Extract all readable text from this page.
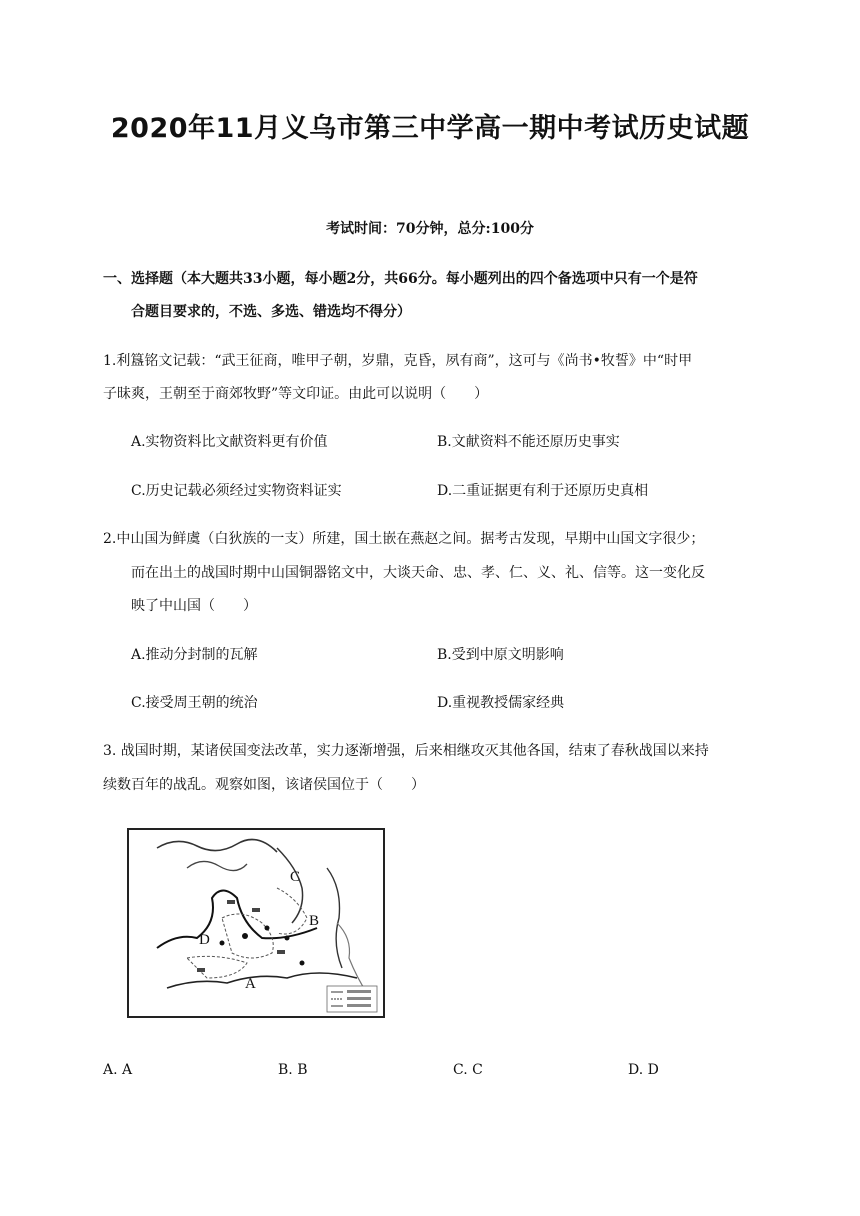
2020年11月义乌市第三中学高一期中考试历史试题
考试时间：70分钟，总分:100分
一、选择题（本大题共33小题，每小题2分，共66分。每小题列出的四个备选项中只有一个是符
合题目要求的，不选、多选、错选均不得分）
1.利簋铭文记载：“武王征商，唯甲子朝，岁鼎，克昏，夙有商”，这可与《尚书•牧誓》中“时甲
子昧爽，王朝至于商郊牧野”等文印证。由此可以说明（　　）
A.实物资料比文献资料更有价值	B.文献资料不能还原历史事实
C.历史记载必须经过实物资料证实	D.二重证据更有利于还原历史真相
2.中山国为鲜虞（白狄族的一支）所建，国土嵌在燕赵之间。据考古发现，早期中山国文字很少；
而在出土的战国时期中山国铜器铭文中，大谈天命、忠、孝、仁、义、礼、信等。这一变化反
映了中山国（　　）
A.推动分封制的瓦解	B.受到中原文明影响
C.接受周王朝的统治	D.重视教授儒家经典
3. 战国时期，某诸侯国变法改革，实力逐渐增强，后来相继攻灭其他各国，结束了春秋战国以来持
续数百年的战乱。观察如图，该诸侯国位于（　　）
A
B
C
D
A. A	B. B	C. C	D. D
